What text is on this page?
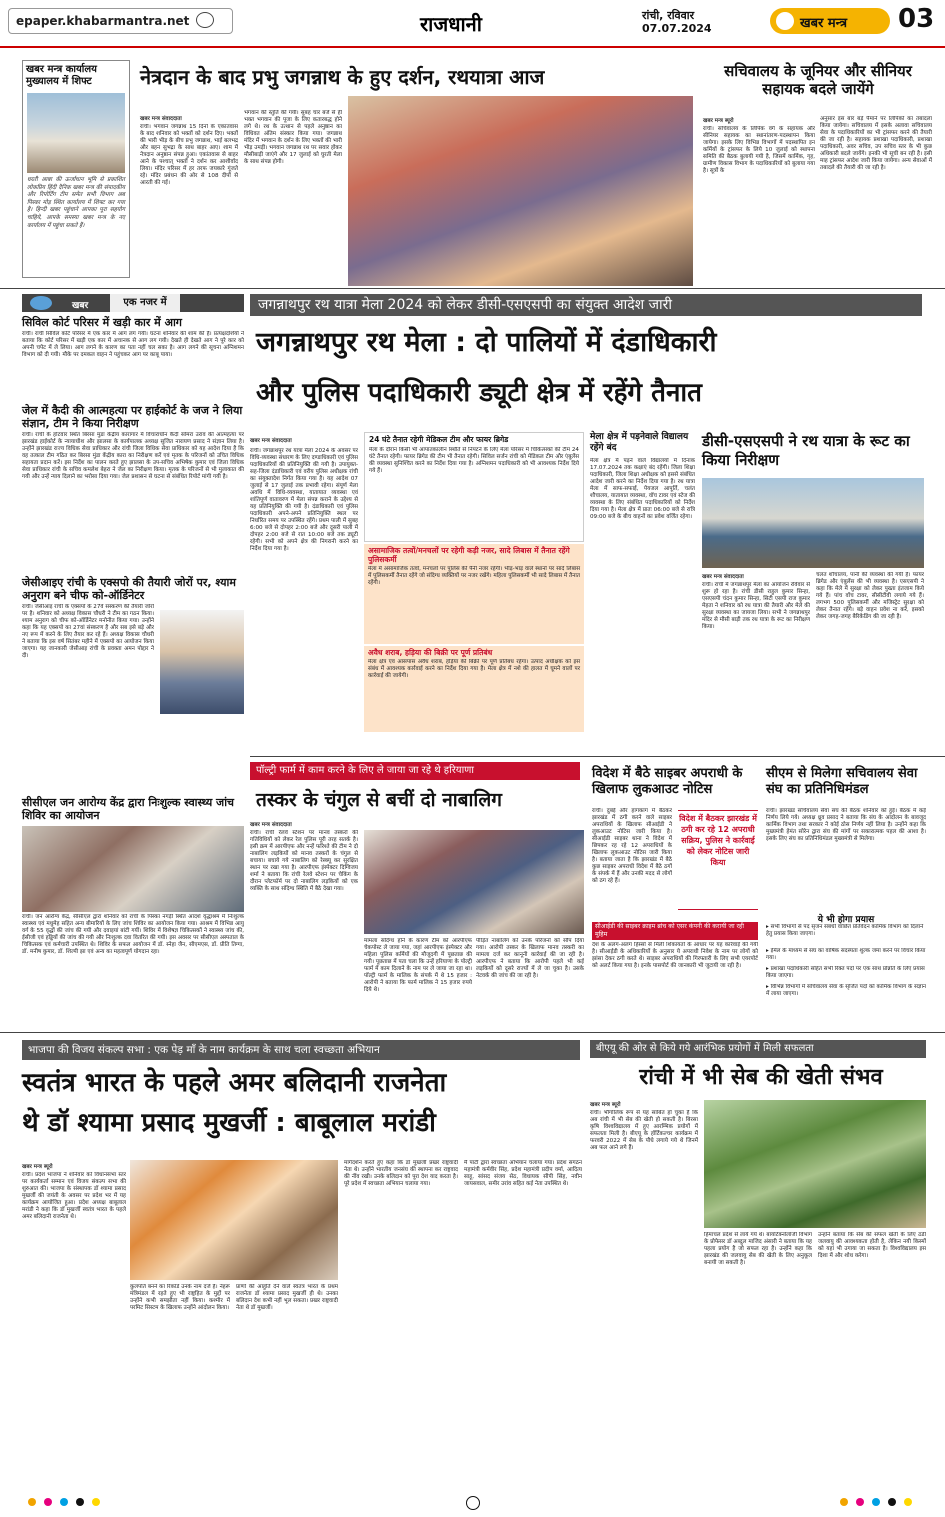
epaper.khabarmantra.net	राजधानी	रांची, रविवार
07.07.2024	खबर मन्त्र 03
खबर मन्त्र कार्यालय मुख्यालय में शिफ्ट
धरती आबा की ऊर्जाधान भूमि से प्रकाशित लोकप्रिय हिंदी दैनिक खबर मन्त्र की संपादकीय और रिपोर्टिंग टीम समेत सभी विभाग अब पिस्का मोड़ स्थित कार्यालय में शिफ्ट कर गया है। हिन्दी खबर पहुंचाने आपका पूरा सहयोग चाहिये, आपके समस्या खबर मन्त्र के नए कार्यालय में पहुंचा सकते हैं।
नेत्रदान के बाद प्रभु जगन्नाथ के हुए दर्शन, रथयात्रा आज
खबर मन्त्र संवाददाता
रांची। भगवान जगन्नाथ 15 दिनों के एकांतवास के बाद शनिवार को भक्तों को दर्शन दिए। भक्तों की भारी भीड़ के बीच प्रभु जगन्नाथ, भाई बलभद्र और बहन सुभद्रा के साथ बाहर आए। शाम में नेत्रदान अनुष्ठान संपन्न हुआ। एकांतवास से बाहर आने के पश्चात् भक्तों ने दर्शन कर आशीर्वाद लिया। मंदिर परिसर में हर तरफ जयकारे गूंजते रहे। मंदिर प्रबंधन की ओर से 108 दीपों से आरती की गई।
भगवान की स्तुति की गयी। सुबह चार बजे से ही भक्त भगवान की पूजा के लिए कतारबद्ध होने लगे थे। रथ के उत्थान से पहले अनुष्ठान का विधिवत अंतिम संस्कार किया गया। जगन्नाथ मंदिर में भगवान के दर्शन के लिए भक्तों की भारी भीड़ उमड़ी। भगवान जगन्नाथ रथ पर सवार होकर मौसीबाड़ी जाएंगे और 17 जुलाई को घुरती मेला के साथ संपन्न होगी।
सचिवालय के जूनियर और सीनियर सहायक बदले जायेंगे
खबर मन्त्र ब्यूरो
रांची। सचिवालय के लिपिक वर्ग के सहायक और सीनियर सहायक का स्थानांतरण-पदस्थापन किया जायेगा। इसके लिए विभिन्न विभागों में पदस्थापित इन कर्मियों के ट्रांसफर के लिये 10 जुलाई को स्थापना समिति की बैठक बुलायी गयी है, जिसमें कार्मिक, गृह, ग्रामीण विकास विभाग के पदाधिकारियों को बुलाया गया है। सूत्रों के
अनुसार इस बार बड़े पैमाने पर लिपिकों का तबादला किया जायेगा। सचिवालय में इसके अलावा सचिवालय सेवा के पदाधिकारियों का भी ट्रांसफर करने की तैयारी की जा रही है। सहायक प्रशाखा पदाधिकारी, प्रशाखा पदाधिकारी, अवर सचिव, उप सचिव स्तर के भी कुछ अधिकारी बदले जायेंगे। इनकी भी सूची बन रही है। इसी माह ट्रांसफर आदेश जारी किया जायेगा। अन्य सेवाओं में तबादले की तैयारी की जा रही है।
खबर	एक नजर में
सिविल कोर्ट परिसर में खड़ी कार में आग
रांची। रांची सिविल कोर्ट परिसर में एक कार में आग लग गयी। घटना शनिवार की शाम की है। प्रत्यक्षदर्शियों ने बताया कि कोर्ट परिसर में खड़ी एक कार में अचानक से आग लग गयी। देखते ही देखते आग ने पूरे कार को अपनी चपेट में ले लिया। आग लगने के कारण का पता नहीं चल सका है। आग लगने की सूचना अग्निशमन विभाग को दी गयी। मौके पर दमकल वाहन ने पहुंचकर आग पर काबू पाया।
जेल में कैदी की आत्महत्या पर हाईकोर्ट के जज ने लिया संज्ञान, टीम ने किया निरीक्षण
रांची। रांची के होटवार स्थित बिरसा मुंडा केंद्रीय कारागार में विचाराधीन कैदी सोमरा उरांव की आत्महत्या पर झारखंड हाईकोर्ट के न्यायाधीश और झालसा के कार्यपालक अध्यक्ष सुजित नारायण प्रसाद ने संज्ञान लिया है। उन्होंने झारखंड राज्य विधिक सेवा प्राधिकार और रांची जिला विधिक सेवा प्राधिकार को यह आदेश दिया है कि वह तत्काल टीम गठित कर बिरसा मुंडा केंद्रीय कारा का निरीक्षण करें एवं मृतक के परिजनों को उचित विधिक सहायता प्रदान करें। इस निर्देश का पालन करते हुए झालसा के उप-सचिव अभिषेक कुमार एवं जिला विधिक सेवा प्राधिकार रांची के सचिव कमलेश बेहरा ने जेल का निरीक्षण किया। मृतक के परिजनों से भी मुलाकात की गयी और उन्हें न्याय दिलाने का भरोसा दिया गया। जेल प्रशासन से घटना से संबंधित रिपोर्ट मांगी गयी है।
जेसीआइए रांची के एक्सपो की तैयारी जोरों पर, श्याम अनुराग बने चीफ को-ऑर्डिनेटर
रांची। जेसीआइ रांची के एक्सपो के 27वें संस्करण की तैयारी जोरों पर है। शनिवार को अध्यक्ष विकास चौधरी ने टीम का गठन किया। श्याम अनुराग को चीफ को-ऑर्डिनेटर मनोनीत किया गया। उन्होंने कहा कि यह एक्सपो का 27वां संस्करण है और सब इसे बड़े और नए रूप में करने के लिए तैयार कर रहे हैं। अध्यक्ष विकास चौधरी ने बताया कि इस वर्ष सितंबर महीने में एक्सपो का आयोजन किया जाएगा। यह जानकारी जेसीआइ रांची के प्रवक्ता अमन पोद्दार ने दी।
सीसीएल जन आरोग्य केंद्र द्वारा निःशुल्क स्वास्थ्य जांच शिविर का आयोजन
रांची। जन आरोग्य केंद्र, सीसीएल द्वारा शनिवार को रांची के पिस्का नगड़ी स्थित आदर्श वृद्धाश्रम में निःशुल्क स्वास्थ्य एवं मधुमेह सहित अन्य बीमारियों के लिए जांच शिविर का आयोजन किया गया। आश्रम में विभिन्न आयु वर्ग के 55 वृद्धों की जांच की गयी और दवाइयां बांटी गयीं। शिविर में विशेषज्ञ चिकित्सकों ने स्वास्थ्य जांच की, ईसीजी एवं हड्डियों की जांच की गयी और निःशुल्क दवा वितरित की गयी। इस अवसर पर सीसीएल अस्पताल के चिकित्सक एवं कर्मचारी उपस्थित थे। शिविर के सफल आयोजन में डॉ. स्नेहा जैन, सीएमएस, डॉ. प्रीति तिग्गा, डॉ. मनीष कुमार, डॉ. शिल्पी झा एवं अन्य का महत्वपूर्ण योगदान रहा।
जगन्नाथपुर रथ यात्रा मेला 2024 को लेकर डीसी-एसएसपी का संयुक्त आदेश जारी
जगन्नाथपुर रथ मेला : दो पालियों में दंडाधिकारी
और पुलिस पदाधिकारी ड्यूटी क्षेत्र में रहेंगे तैनात
खबर मन्त्र संवाददाता
रांची। जगन्नाथपुर रथ यात्रा मेला 2024 के अवसर पर विधि-व्यवस्था संधारण के लिए दण्डाधिकारी एवं पुलिस पदाधिकारियों की प्रतिनियुक्ति की गयी है। उपायुक्त-सह-जिला दंडाधिकारी एवं वरीय पुलिस अधीक्षक रांची का संयुक्तादेश निर्गत किया गया है। यह आदेश 07 जुलाई से 17 जुलाई तक प्रभावी रहेगा। संपूर्ण मेला अवधि में विधि-व्यवस्था, यातायात व्यवस्था एवं शांतिपूर्ण वातावरण में मेला संपन्न कराने के उद्देश्य से यह प्रतिनियुक्ति की गयी है। दंडाधिकारी एवं पुलिस पदाधिकारी अपने-अपने प्रतिनियुक्ति स्थल पर निर्धारित समय पर उपस्थित रहेंगे। प्रथम पाली में सुबह 6:00 बजे से दोपहर 2:00 बजे और दूसरी पाली में दोपहर 2:00 बजे से रात 10:00 बजे तक ड्यूटी रहेगी। सभी को अपने क्षेत्र की निगरानी करने का निर्देश दिया गया है।
24 घंटे तैनात रहेगी मेडिकल टीम और फायर ब्रिगेड
मेला के दौरान किसी भी आपातकालीन स्थिति से निपटने के लिए मेला परिसर में चिकित्सकों की टीम 24 घंटे तैनात रहेगी। फायर ब्रिगेड की टीम भी तैनात रहेगी। सिविल सर्जन रांची को मेडिकल टीम और एंबुलेंस की व्यवस्था सुनिश्चित करने का निर्देश दिया गया है। अग्निशमन पदाधिकारी को भी आवश्यक निर्देश दिये गये हैं।
असामाजिक तत्वों/मनचलों पर रहेगी कड़ी नजर, सादे लिबास में तैनात रहेंगे पुलिसकर्मी
मेला में असामाजिक तत्वों, मनचलों पर पुलिस की पैनी नजर रहेगी। भीड़-भाड़ वाले स्थानों पर सादे लिबास में पुलिसकर्मी तैनात रहेंगे जो संदिग्ध व्यक्तियों पर नजर रखेंगे। महिला पुलिसकर्मी भी सादे लिबास में तैनात रहेंगी।
अवैध शराब, हड़िया की बिक्री पर पूर्ण प्रतिबंध
मेला क्षेत्र एवं आसपास अवैध शराब, हड़िया की बिक्री पर पूर्ण प्रतिबंध रहेगा। उत्पाद अधीक्षक को इस संबंध में आवश्यक कार्रवाई करने का निर्देश दिया गया है। मेला क्षेत्र में नशे की हालत में घूमने वालों पर कार्रवाई की जायेगी।
मेला क्षेत्र में पड़नेवाले विद्यालय रहेंगे बंद
मेला क्षेत्र में पड़ने वाले विद्यालयों में दिनांक 17.07.2024 तक कक्षाएं बंद रहेंगी। जिला शिक्षा पदाधिकारी, जिला शिक्षा अधीक्षक को इससे संबंधित आदेश जारी करने का निर्देश दिया गया है। रथ यात्रा मेला में साफ-सफाई, पेयजल आपूर्ति, चलंत शौचालय, यातायात व्यवस्था, वॉच टावर एवं स्टेज की व्यवस्था के लिए संबंधित पदाधिकारियों को निर्देश दिया गया है। मेला क्षेत्र में प्रातः 06:00 बजे से रात्रि 09:00 बजे के बीच वाहनों का प्रवेश वर्जित रहेगा।
डीसी-एसएसपी ने रथ यात्रा के रूट का किया निरीक्षण
खबर मन्त्र संवाददाता
रांची। रांची में जगन्नाथपुर मेला का आयोजन रविवार से शुरू हो रहा है। रांची डीसी राहुल कुमार सिन्हा, एसएसपी चंदन कुमार सिन्हा, सिटी एसपी राज कुमार मेहता ने शनिवार को रथ यात्रा की तैयारी और मेले की सुरक्षा व्यवस्था का जायजा लिया। सभी ने जगन्नाथपुर मंदिर से मौसी बाड़ी तक रथ यात्रा के रूट का निरीक्षण किया।
चलंत शौचालय, पानी की व्यवस्था की गयी है। फायर ब्रिगेड और एंबुलेंस की भी व्यवस्था है। एसएसपी ने कहा कि मेले में सुरक्षा को लेकर पुख्ता इंतजाम किये गये हैं। पांच वॉच टावर, सीसीटीवी लगाये गये हैं। लगभग 500 पुलिसकर्मी और मजिस्ट्रेट सुरक्षा को लेकर तैनात रहेंगे। बड़े वाहन प्रवेश ना करें, इसको लेकर जगह-जगह बैरिकेडिंग की जा रही है।
पॉल्ट्री फार्म में काम करने के लिए ले जाया जा रहे थे हरियाणा
तस्कर के चंगुल से बचीं दो नाबालिग
खबर मन्त्र संवाददाता
रांची। रांची रेलवे स्टेशन पर मानव तस्करों की गतिविधियों को लेकर रेल पुलिस पूरी तरह सतर्क है। इसी क्रम में आरपीएफ और नन्हें फरिश्ते की टीम ने दो नाबालिग लड़कियों को मानव तस्करों के चंगुल से बचाया। बचाये गये नाबालिग को रेस्क्यू कर सुरक्षित स्थान पर रखा गया है। आरपीएफ इंस्पेक्टर दिग्विजय शर्मा ने बताया कि रांची रेलवे स्टेशन पर चेकिंग के दौरान प्लेटफॉर्म पर दो नाबालिग लड़कियों को एक व्यक्ति के साथ संदिग्ध स्थिति में बैठे देखा गया।
मामला संदिग्ध होने के कारण टीम को आरपीएफ चेकपोस्ट ले जाया गया, जहां आरपीएफ इंस्पेक्टर और महिला पुलिस कर्मियों की मौजूदगी में पूछताछ की गयी। पूछताछ में पता चला कि उन्हें हरियाणा के पोल्ट्री फार्म में काम दिलाने के नाम पर ले जाया जा रहा था। पॉल्ट्री फार्म के मालिक के संपर्क में थे 15 हजार : आरोपी ने बताया कि फार्म मालिक ने 15 हजार रुपये दिये थे।
पीड़ित नाबालिग को उनके परिजनों को सौंप दिया गया। आरोपी तस्कर के खिलाफ मानव तस्करी का मामला दर्ज कर कानूनी कार्रवाई की जा रही है। आरपीएफ ने बताया कि आरोपी पहले भी कई लड़कियों को दूसरे राज्यों में ले जा चुका है। उसके नेटवर्क की जांच की जा रही है।
विदेश में बैठे साइबर अपराधी के खिलाफ लुकआउट नोटिस
रांची। दुबई और हांगकांग में बैठकर झारखंड में ठगी करने वाले साइबर अपराधियों के खिलाफ सीआईडी ने लुकआउट नोटिस जारी किया है। सीआईडी साइबर थाना ने विदेश में छिपकर रह रहे 12 अपराधियों के खिलाफ लुकआउट नोटिस जारी किया है। बताया जाता है कि झारखंड में बैठे कुछ साइबर अपराधी विदेश में बैठे ठगों के संपर्क में हैं और उनकी मदद से लोगों को ठग रहे हैं।
विदेश में बैठकर झारखंड में ठगी कर रहे 12 अपराधी सक्रिय, पुलिस ने कार्रवाई को लेकर नोटिस जारी किया
सीआईडी की साइबर क्राइम ब्रांच को एसर कंपनी की करायी जा रही मुहिम
देश के अलग-अलग हिस्सों से मिली शिकायतों के आधार पर यह कार्रवाई की गयी है। सीआईडी के अधिकारियों के अनुसार ये अपराधी निवेश के नाम पर लोगों को झांसा देकर ठगी करते थे। साइबर अपराधियों की गिरफ्तारी के लिए सभी एयरपोर्ट को अलर्ट किया गया है। इनके पासपोर्ट की जानकारी भी जुटायी जा रही है।
सीएम से मिलेगा सचिवालय सेवा संघ का प्रतिनिधिमंडल
रांची। झारखंड सचिवालय सेवा संघ की बैठक शनिवार को हुई। बैठक में कई निर्णय लिये गये। अध्यक्ष ध्रुव प्रसाद ने बताया कि संघ के आंदोलन के बावजूद कार्मिक विभाग तथा सरकार ने कोई ठोस निर्णय नहीं लिया है। उन्होंने कहा कि मुख्यमंत्री हेमंत सोरेन द्वारा संघ की मांगों पर सकारात्मक पहल की आशा है। इसके लिए संघ का प्रतिनिधिमंडल मुख्यमंत्री से मिलेगा।
ये भी होगा प्रयास
▸ सभी विभागों से पद सृजन संबंधी वांछित प्रतिवेदन कार्मिक विभाग को दिलाने हेतु प्रयास किया जाएगा।
▸ ईमेल के माध्यम से संघ का वार्षिक सदस्यता शुल्क जमा करने पर विचार किया गया।
▸ प्रशाखा पदाधिकारी सहित सभी रिक्त पदों पर एक साथ प्रोन्नति के लिए प्रयास किया जाएगा।
▸ विभिन्न विभागों में सचिवालय सेवा के सृजित पदों को कार्मिक विभाग के संज्ञान में लाया जाएगा।
भाजपा की विजय संकल्प सभा : एक पेड़ माँ के नाम कार्यक्रम के साथ चला स्वच्छता अभियान
स्वतंत्र भारत के पहले अमर बलिदानी राजनेता
थे डॉ श्यामा प्रसाद मुखर्जी : बाबूलाल मरांडी
खबर मन्त्र ब्यूरो
रांची। प्रदेश भाजपा ने शनिवार को विधानसभा स्तर पर कार्यकर्ता सम्मान एवं विजय संकल्प सभा की शुरुआत की। भाजपा के संस्थापक डॉ श्यामा प्रसाद मुखर्जी की जयंती के अवसर पर प्रदेश भर में यह कार्यक्रम आयोजित हुआ। प्रदेश अध्यक्ष बाबूलाल मरांडी ने कहा कि डॉ मुखर्जी स्वतंत्र भारत के पहले अमर बलिदानी राजनेता थे।
कुलपति बनने का रिकॉर्ड उनके नाम दर्ज है। नेहरू मंत्रिमंडल में रहते हुए भी राष्ट्रहित के मुद्दों पर उन्होंने कभी समझौता नहीं किया। कश्मीर में परमिट सिस्टम के खिलाफ उन्होंने आंदोलन किया।
प्राणों की आहुति देने वाले स्वतंत्र भारत के प्रथम राजनेता डॉ श्यामा प्रसाद मुखर्जी ही थे। उनका बलिदान देश कभी नहीं भूल सकता। प्रखर राष्ट्रवादी नेता थे डॉ मुखर्जी।
मार्गदर्शन करते हुए कहा कि डॉ मुखर्जी प्रखर राष्ट्रवादी नेता थे। उन्होंने भारतीय जनसंघ की स्थापना कर राष्ट्रवाद की नींव रखी। उनके बलिदान को पूरा देश याद करता है। पूरे प्रदेश में स्वच्छता अभियान चलाया गया।
मैं पार्टी द्वारा स्वच्छता अभियान चलाया गया। प्रदेश संगठन महामंत्री कर्मवीर सिंह, प्रदेश महामंत्री प्रदीप वर्मा, आदित्य साहू, सांसद संजय सेठ, विधायक सीपी सिंह, नवीन जायसवाल, समीर उरांव सहित कई नेता उपस्थित थे।
बीएयू की ओर से किये गये आरंभिक प्रयोगों में मिली सफलता
रांची में भी सेब की खेती संभव
खबर मन्त्र ब्यूरो
रांची। भौगोलिक रूप से यह साबित हो चुका है कि अब रांची में भी सेब की खेती हो सकती है। बिरसा कृषि विश्वविद्यालय में हुए आरम्भिक प्रयोगों में सफलता मिली है। बीएयू के हॉर्टिकल्चर कार्यक्रम में फरवरी 2022 में सेब के पौधे लगाये गये थे जिनमें अब फल आने लगे हैं।
हिमाचल प्रदेश से लाये गये थे। बायोटेक्नोलॉजी विभाग के प्रोफेसर डॉ अब्दुल माजिद अंसारी ने बताया कि यह पहला प्रयोग है जो सफल रहा है। उन्होंने कहा कि झारखंड की जलवायु सेब की खेती के लिए अनुकूल बनायी जा सकती है।
उन्होंने बताया कि सेब की सफल खेती के लिए ठंडी जलवायु की आवश्यकता होती है, लेकिन नयी किस्मों को यहां भी उगाया जा सकता है। विश्वविद्यालय इस दिशा में और शोध करेगा।
